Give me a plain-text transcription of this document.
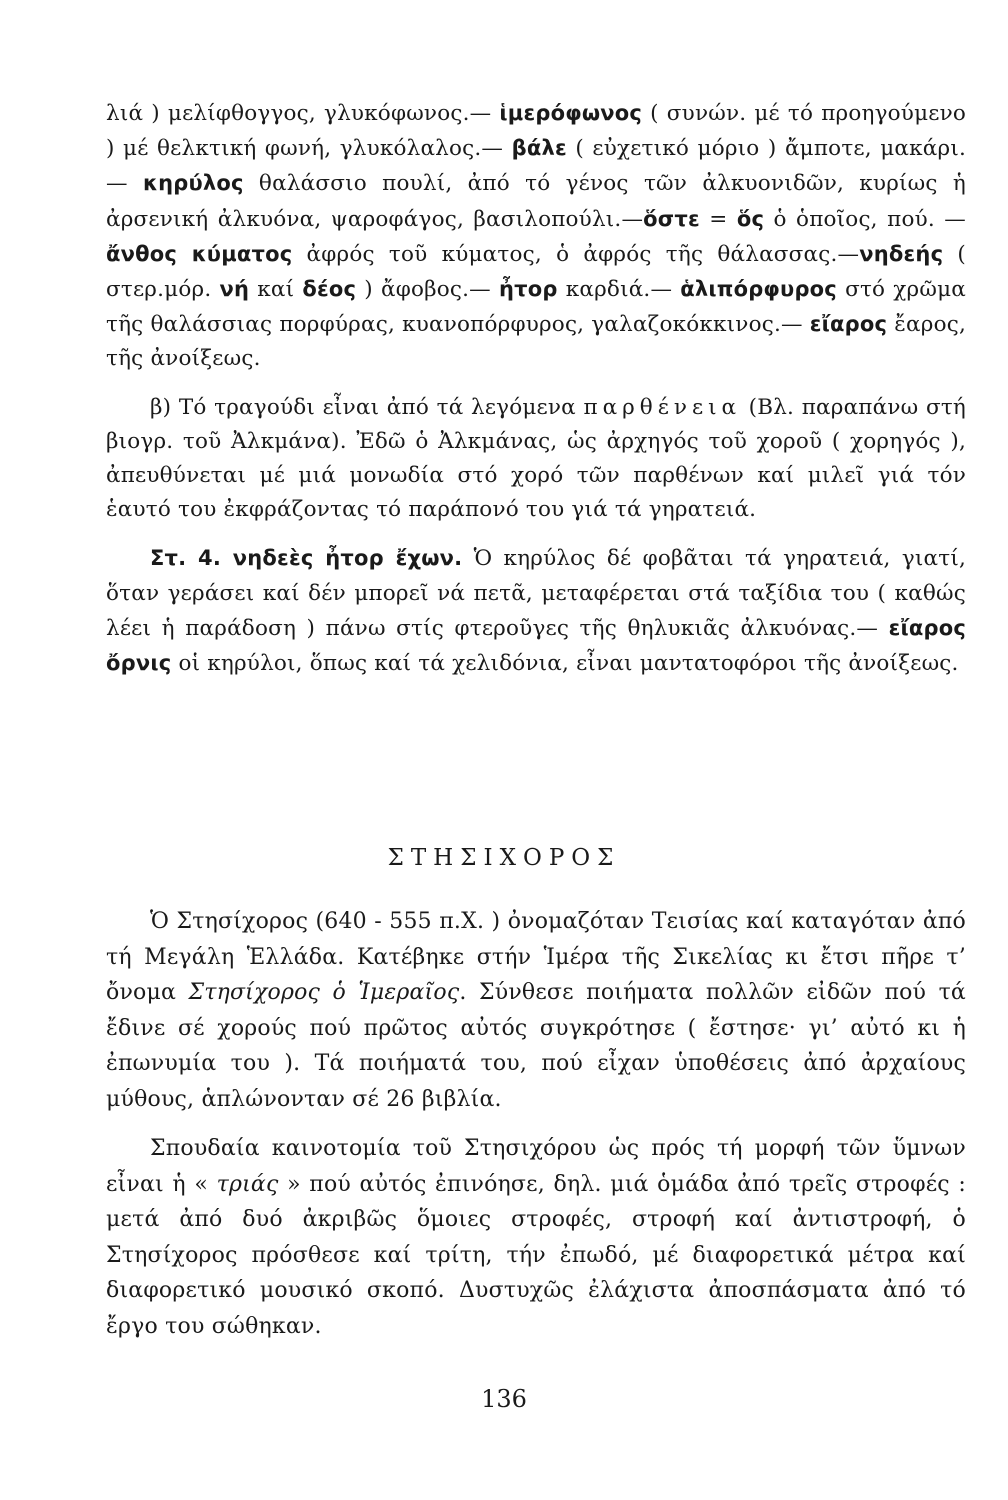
λιά ) μελίφθογγος, γλυκόφωνος.— ἱμερόφωνος ( συνών. μέ τό προηγούμενο ) μέ θελκτική φωνή, γλυκόλαλος.— βάλε ( εὐχετικό μόριο ) ἄμποτε, μακάρι.— κηρύλος θαλάσσιο πουλί, ἀπό τό γένος τῶν ἀλκυονιδῶν, κυρίως ἡ ἀρσενική ἀλκυόνα, ψαροφάγος, βασιλοπούλι.—ὅστε = ὅς ὁ ὁποῖος, πού. — ἄνθος κύματος ἀφρός τοῦ κύματος, ὁ ἀφρός τῆς θάλασσας.—νηδεής ( στερ.μόρ. νή καί δέος ) ἄφοβος.— ἦτορ καρδιά.— ἁλιπόρφυρος στό χρῶμα τῆς θαλάσσιας πορφύρας, κυανοπόρφυρος, γαλαζοκόκκινος.— εἴαρος ἔαρος, τῆς ἀνοίξεως.

β) Τό τραγούδι εἶναι ἀπό τά λεγόμενα παρθένεια (Βλ. παραπάνω στή βιογρ. τοῦ Ἀλκμάνα). Ἐδῶ ὁ Ἀλκμάνας, ὡς ἀρχηγός τοῦ χοροῦ ( χορηγός ), ἀπευθύνεται μέ μιά μονωδία στό χορό τῶν παρθένων καί μιλεῖ γιά τόν ἑαυτό του ἐκφράζοντας τό παράπονό του γιά τά γηρατειά.

Στ. 4. νηδεὲς ἦτορ ἔχων. Ὁ κηρύλος δέ φοβᾶται τά γηρατειά, γιατί, ὅταν γεράσει καί δέν μπορεῖ νά πετᾶ, μεταφέρεται στά ταξίδια του ( καθώς λέει ἡ παράδοση ) πάνω στίς φτεροῦγες τῆς θηλυκιᾶς ἀλκυόνας.— εἴαρος ὄρνις οἱ κηρύλοι, ὅπως καί τά χελιδόνια, εἶναι μαντατοφόροι τῆς ἀνοίξεως.

ΣΤΗΣΙΧΟΡΟΣ

Ὁ Στησίχορος (640 - 555 π.Χ. ) ὀνομαζόταν Τεισίας καί καταγόταν ἀπό τή Μεγάλη Ἑλλάδα. Κατέβηκε στήν Ἱμέρα τῆς Σικελίας κι ἔτσι πῆρε τ’ ὄνομα Στησίχορος ὁ Ἱμεραῖος. Σύνθεσε ποιήματα πολλῶν εἰδῶν πού τά ἔδινε σέ χορούς πού πρῶτος αὐτός συγκρότησε ( ἔστησε· γι’ αὐτό κι ἡ ἐπωνυμία του ). Τά ποιήματά του, πού εἶχαν ὑποθέσεις ἀπό ἀρχαίους μύθους, ἁπλώνονταν σέ 26 βιβλία.

Σπουδαία καινοτομία τοῦ Στησιχόρου ὡς πρός τή μορφή τῶν ὕμνων εἶναι ἡ « τριάς » πού αὐτός ἐπινόησε, δηλ. μιά ὁμάδα ἀπό τρεῖς στροφές : μετά ἀπό δυό ἀκριβῶς ὅμοιες στροφές, στροφή καί ἀντιστροφή, ὁ Στησίχορος πρόσθεσε καί τρίτη, τήν ἐπωδό, μέ διαφορετικά μέτρα καί διαφορετικό μουσικό σκοπό. Δυστυχῶς ἐλάχιστα ἀποσπάσματα ἀπό τό ἔργο του σώθηκαν.

136
